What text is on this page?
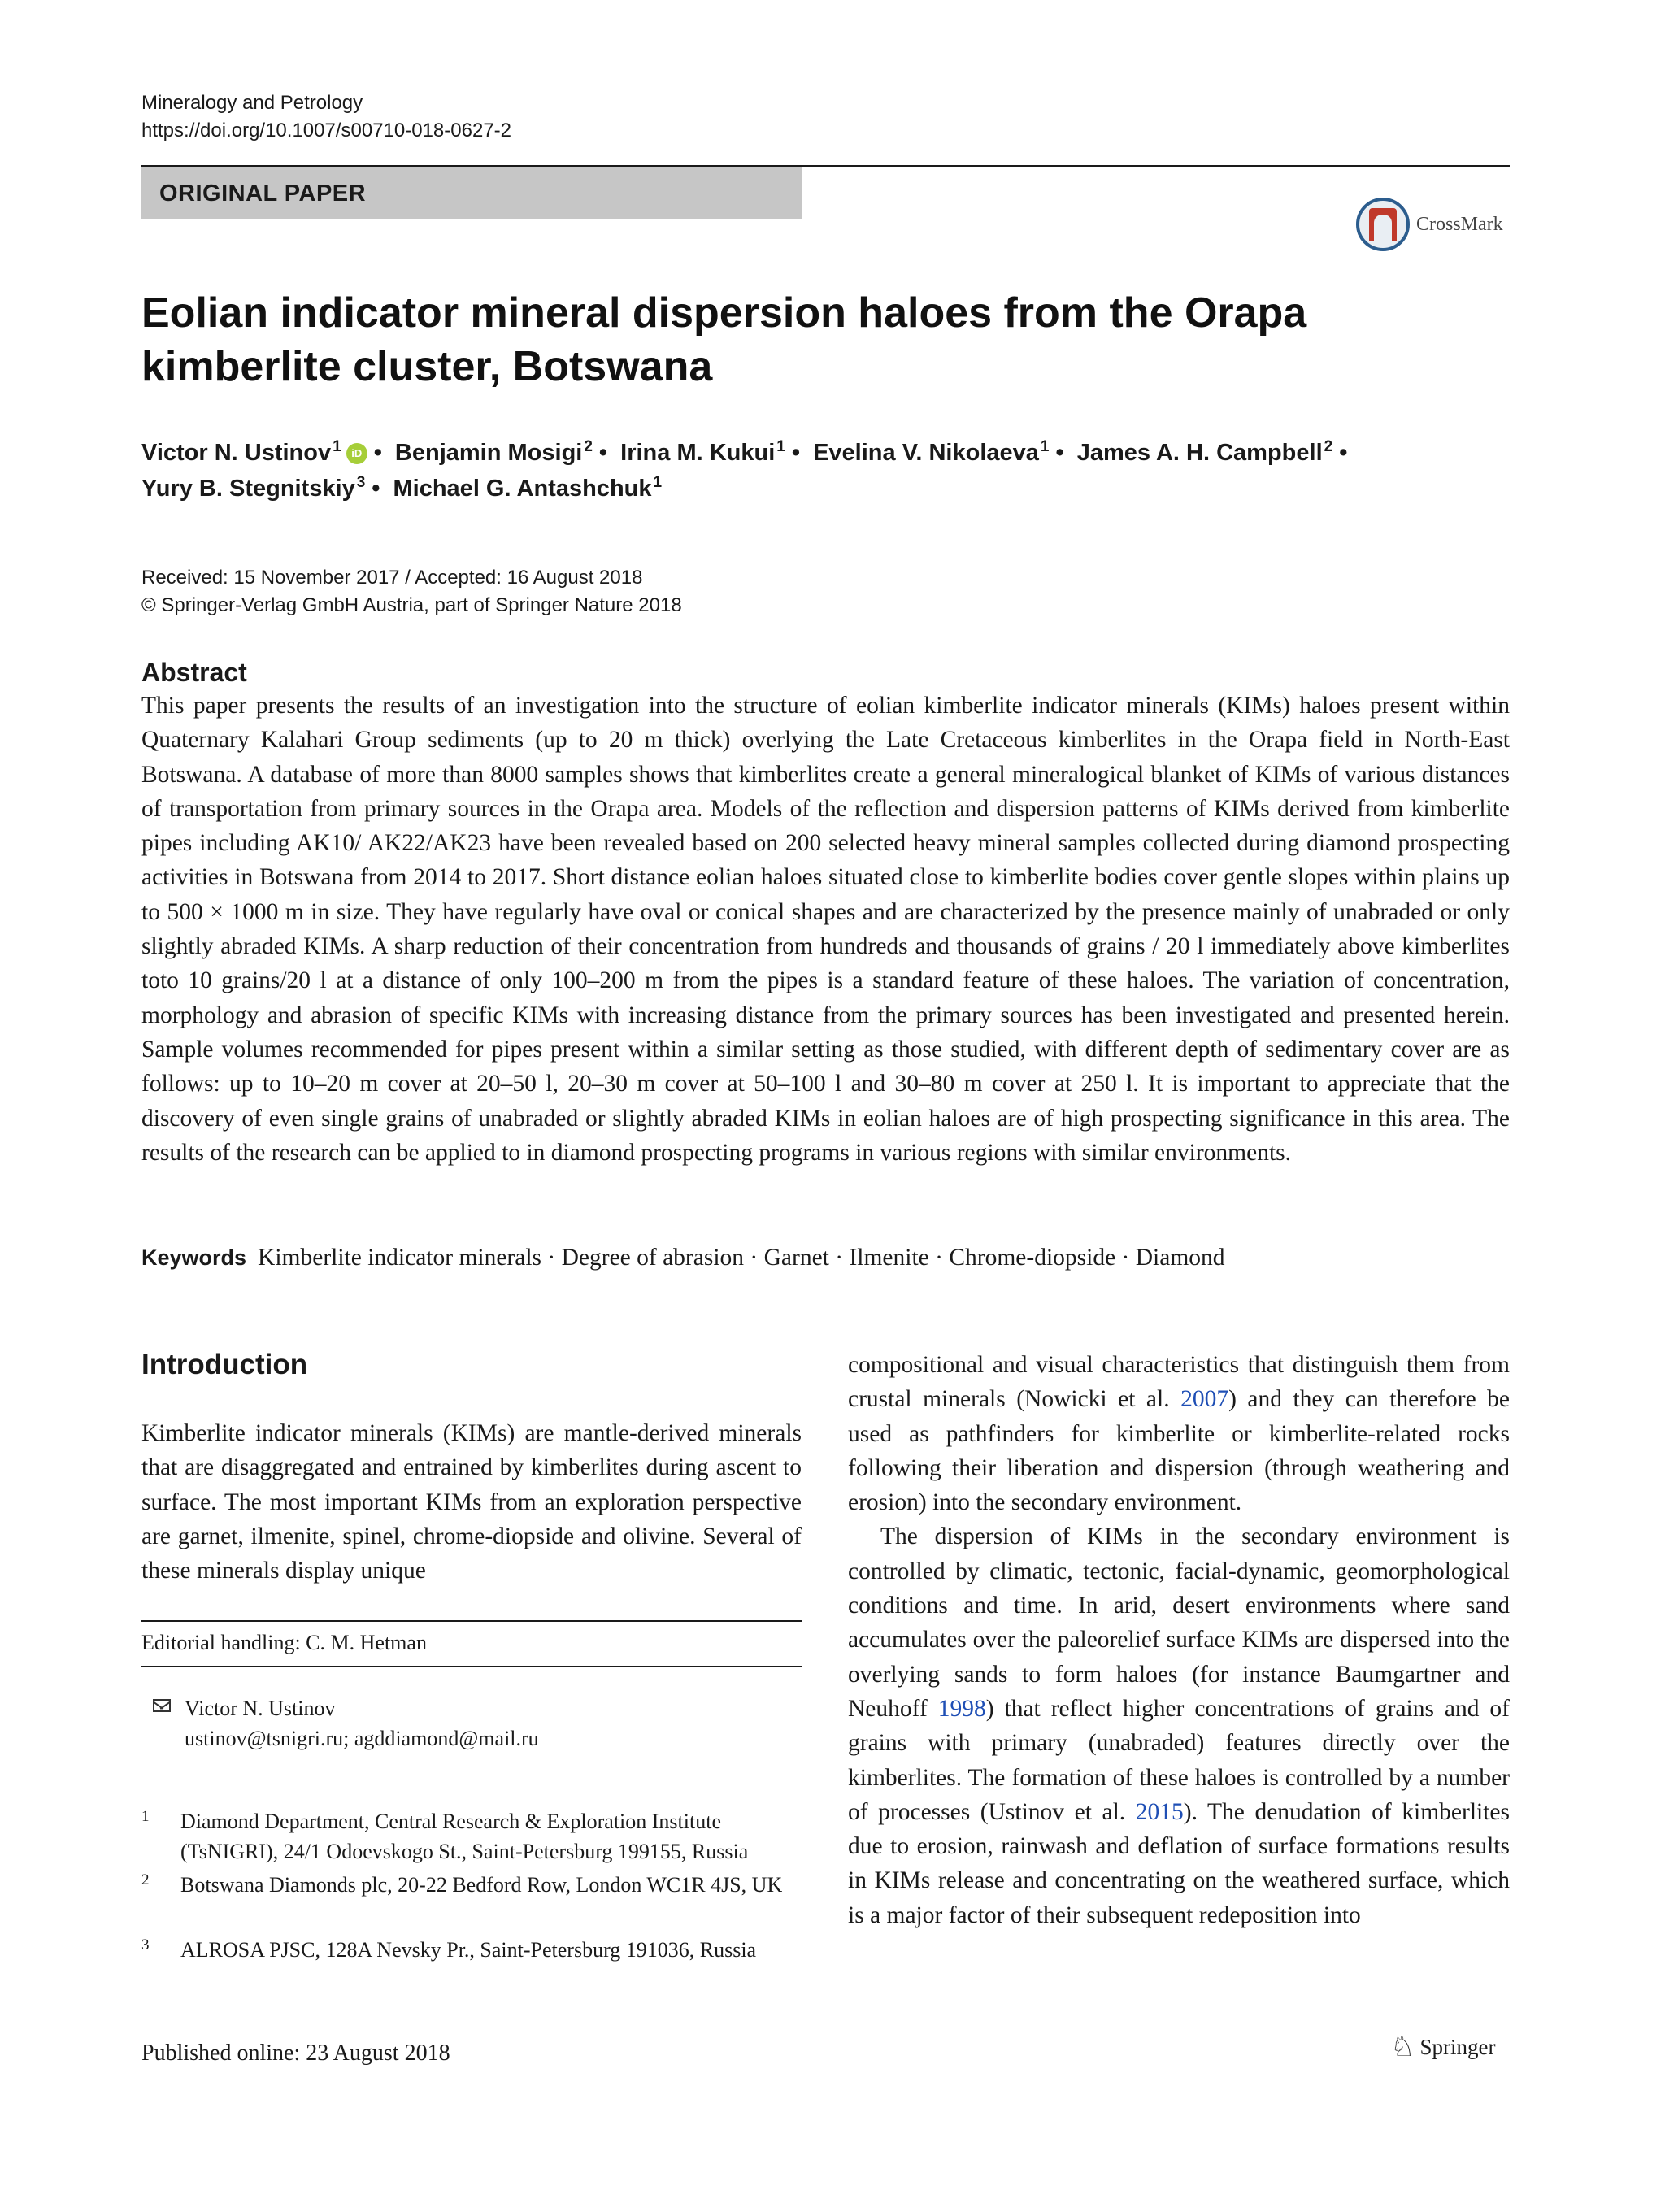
Mineralogy and Petrology
https://doi.org/10.1007/s00710-018-0627-2
ORIGINAL PAPER
CrossMark
Eolian indicator mineral dispersion haloes from the Orapa kimberlite cluster, Botswana
Victor N. Ustinov $^1$ iD • Benjamin Mosigi $^2$ • Irina M. Kukui $^1$ • Evelina V. Nikolaeva $^1$ • James A. H. Campbell $^2$ •
Yury B. Stegnitskiy $^3$ • Michael G. Antashchuk $^1$
Received: 15 November 2017 / Accepted: 16 August 2018
© Springer-Verlag GmbH Austria, part of Springer Nature 2018
Abstract
This paper presents the results of an investigation into the structure of eolian kimberlite indicator minerals (KIMs) haloes present within Quaternary Kalahari Group sediments (up to 20 m thick) overlying the Late Cretaceous kimberlites in the Orapa field in North-East Botswana. A database of more than 8000 samples shows that kimberlites create a general mineralogical blanket of KIMs of various distances of transportation from primary sources in the Orapa area. Models of the reflection and dispersion patterns of KIMs derived from kimberlite pipes including AK10/ AK22/AK23 have been revealed based on 200 selected heavy mineral samples collected during diamond prospecting activities in Botswana from 2014 to 2017. Short distance eolian haloes situated close to kimberlite bodies cover gentle slopes within plains up to 500 × 1000 m in size. They have regularly have oval or conical shapes and are characterized by the presence mainly of unabraded or only slightly abraded KIMs. A sharp reduction of their concentration from hundreds and thousands of grains / 20 l immediately above kimberlites toto 10 grains/20 l at a distance of only 100–200 m from the pipes is a standard feature of these haloes. The variation of concentration, morphology and abrasion of specific KIMs with increasing distance from the primary sources has been investigated and presented herein. Sample volumes recommended for pipes present within a similar setting as those studied, with different depth of sedimentary cover are as follows: up to 10–20 m cover at 20–50 l, 20–30 m cover at 50–100 l and 30–80 m cover at 250 l. It is important to appreciate that the discovery of even single grains of unabraded or slightly abraded KIMs in eolian haloes are of high prospecting significance in this area. The results of the research can be applied to in diamond prospecting programs in various regions with similar environments.
Keywords Kimberlite indicator minerals · Degree of abrasion · Garnet · Ilmenite · Chrome-diopside · Diamond
Introduction

Kimberlite indicator minerals (KIMs) are mantle-derived minerals that are disaggregated and entrained by kimberlites during ascent to surface. The most important KIMs from an exploration perspective are garnet, ilmenite, spinel, chrome-diopside and olivine. Several of these minerals display unique

compositional and visual characteristics that distinguish them from crustal minerals (Nowicki et al. 2007) and they can therefore be used as pathfinders for kimberlite or kimberlite-related rocks following their liberation and dispersion (through weathering and erosion) into the secondary environment.

The dispersion of KIMs in the secondary environment is controlled by climatic, tectonic, facial-dynamic, geomorphological conditions and time. In arid, desert environments where sand accumulates over the paleorelief surface KIMs are dispersed into the overlying sands to form haloes (for instance Baumgartner and Neuhoff 1998) that reflect higher concentrations of grains and of grains with primary (unabraded) features directly over the kimberlites. The formation of these haloes is controlled by a number of processes (Ustinov et al. 2015). The denudation of kimberlites due to erosion, rainwash and deflation of surface formations results in KIMs release and concentrating on the weathered surface, which is a major factor of their subsequent redeposition into

Editorial handling: C. M. Hetman
Victor N. Ustinov
ustinov@tsnigri.ru; agddiamond@mail.ru
1 Diamond Department, Central Research & Exploration Institute (TsNIGRI), 24/1 Odoevskogo St., Saint-Petersburg 199155, Russia
2 Botswana Diamonds plc, 20-22 Bedford Row, London WC1R 4JS, UK
3 ALROSA PJSC, 128A Nevsky Pr., Saint-Petersburg 191036, Russia
Published online: 23 August 2018	♘ Springer
